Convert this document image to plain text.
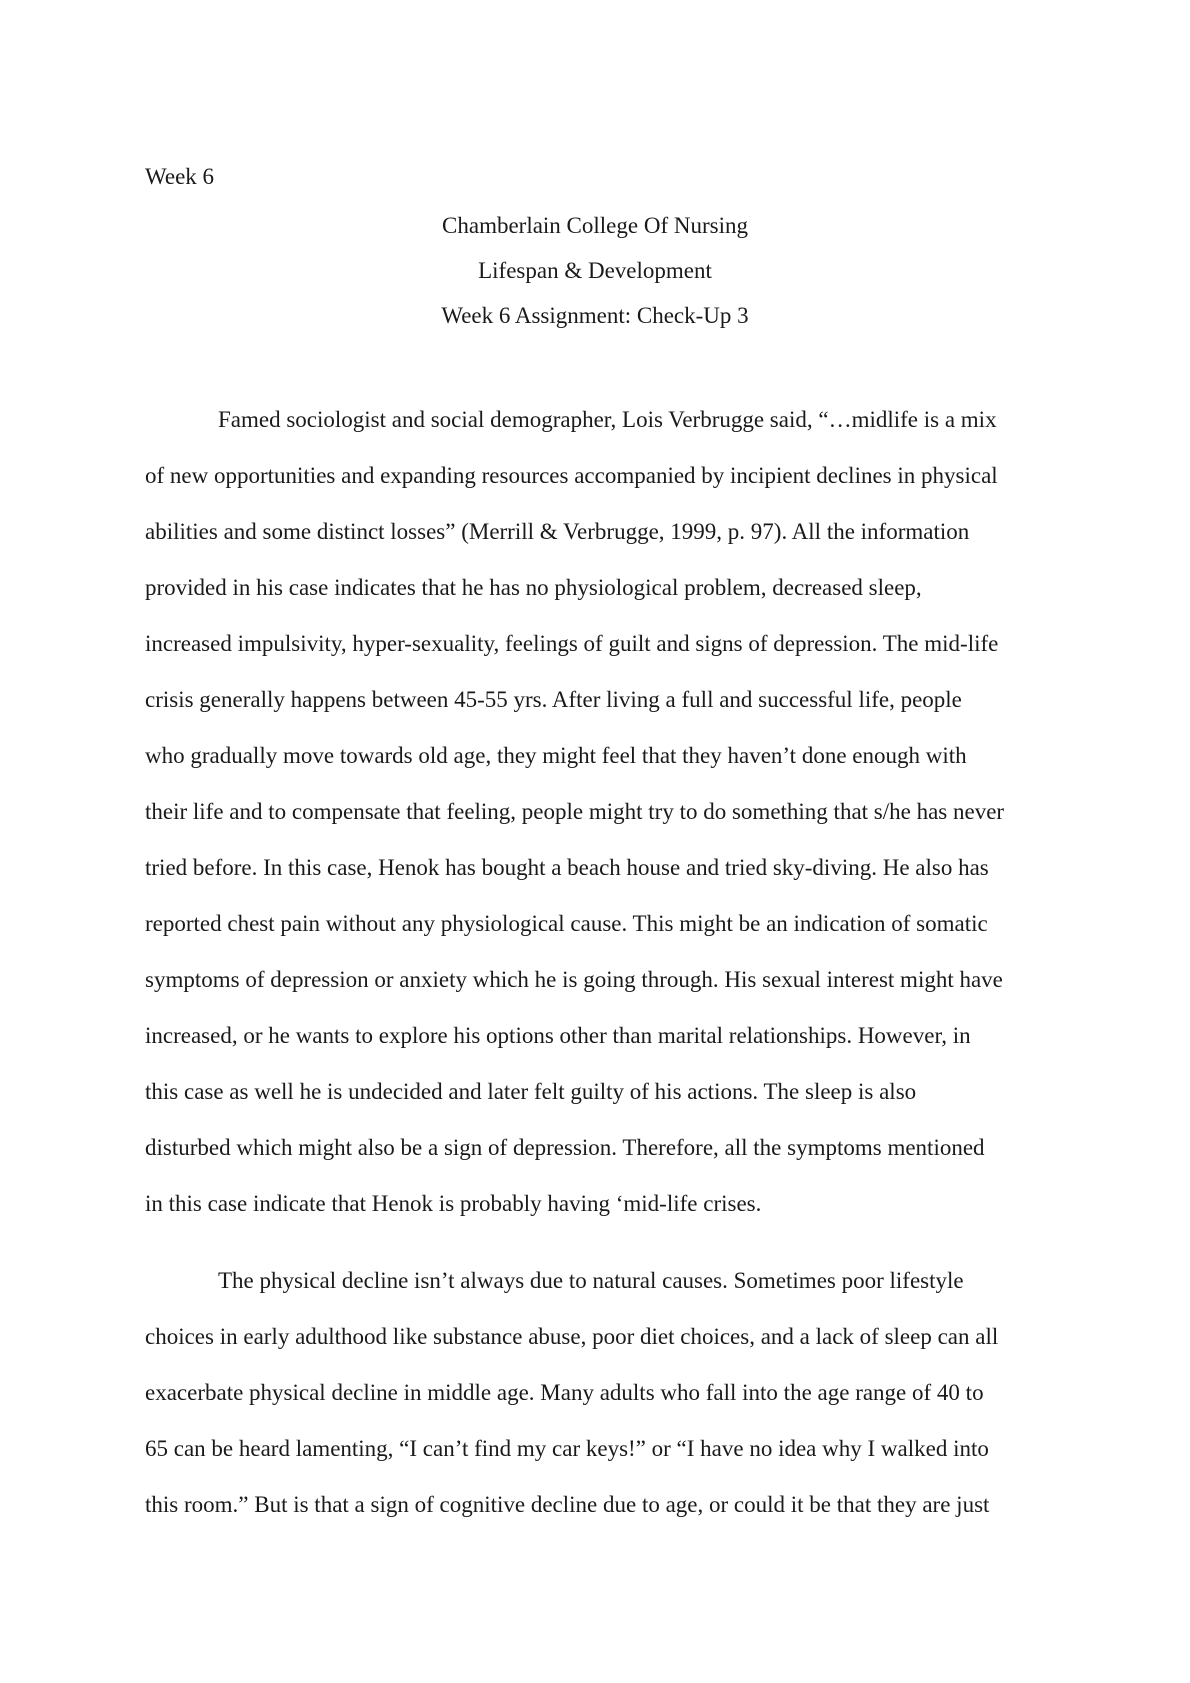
Week 6

Chamberlain College Of Nursing

Lifespan & Development

Week 6 Assignment: Check-Up 3

Famed sociologist and social demographer, Lois Verbrugge said, “…midlife is a mix

of new opportunities and expanding resources accompanied by incipient declines in physical

abilities and some distinct losses” (Merrill & Verbrugge, 1999, p. 97). All the information

provided in his case indicates that he has no physiological problem, decreased sleep,

increased impulsivity, hyper-sexuality, feelings of guilt and signs of depression. The mid-life

crisis generally happens between 45-55 yrs. After living a full and successful life, people

who gradually move towards old age, they might feel that they haven’t done enough with

their life and to compensate that feeling, people might try to do something that s/he has never

tried before. In this case, Henok has bought a beach house and tried sky-diving. He also has

reported chest pain without any physiological cause. This might be an indication of somatic

symptoms of depression or anxiety which he is going through. His sexual interest might have

increased, or he wants to explore his options other than marital relationships. However, in

this case as well he is undecided and later felt guilty of his actions. The sleep is also

disturbed which might also be a sign of depression. Therefore, all the symptoms mentioned

in this case indicate that Henok is probably having ‘mid-life crises.

The physical decline isn’t always due to natural causes. Sometimes poor lifestyle

choices in early adulthood like substance abuse, poor diet choices, and a lack of sleep can all

exacerbate physical decline in middle age. Many adults who fall into the age range of 40 to

65 can be heard lamenting, “I can’t find my car keys!” or “I have no idea why I walked into

this room.” But is that a sign of cognitive decline due to age, or could it be that they are just
